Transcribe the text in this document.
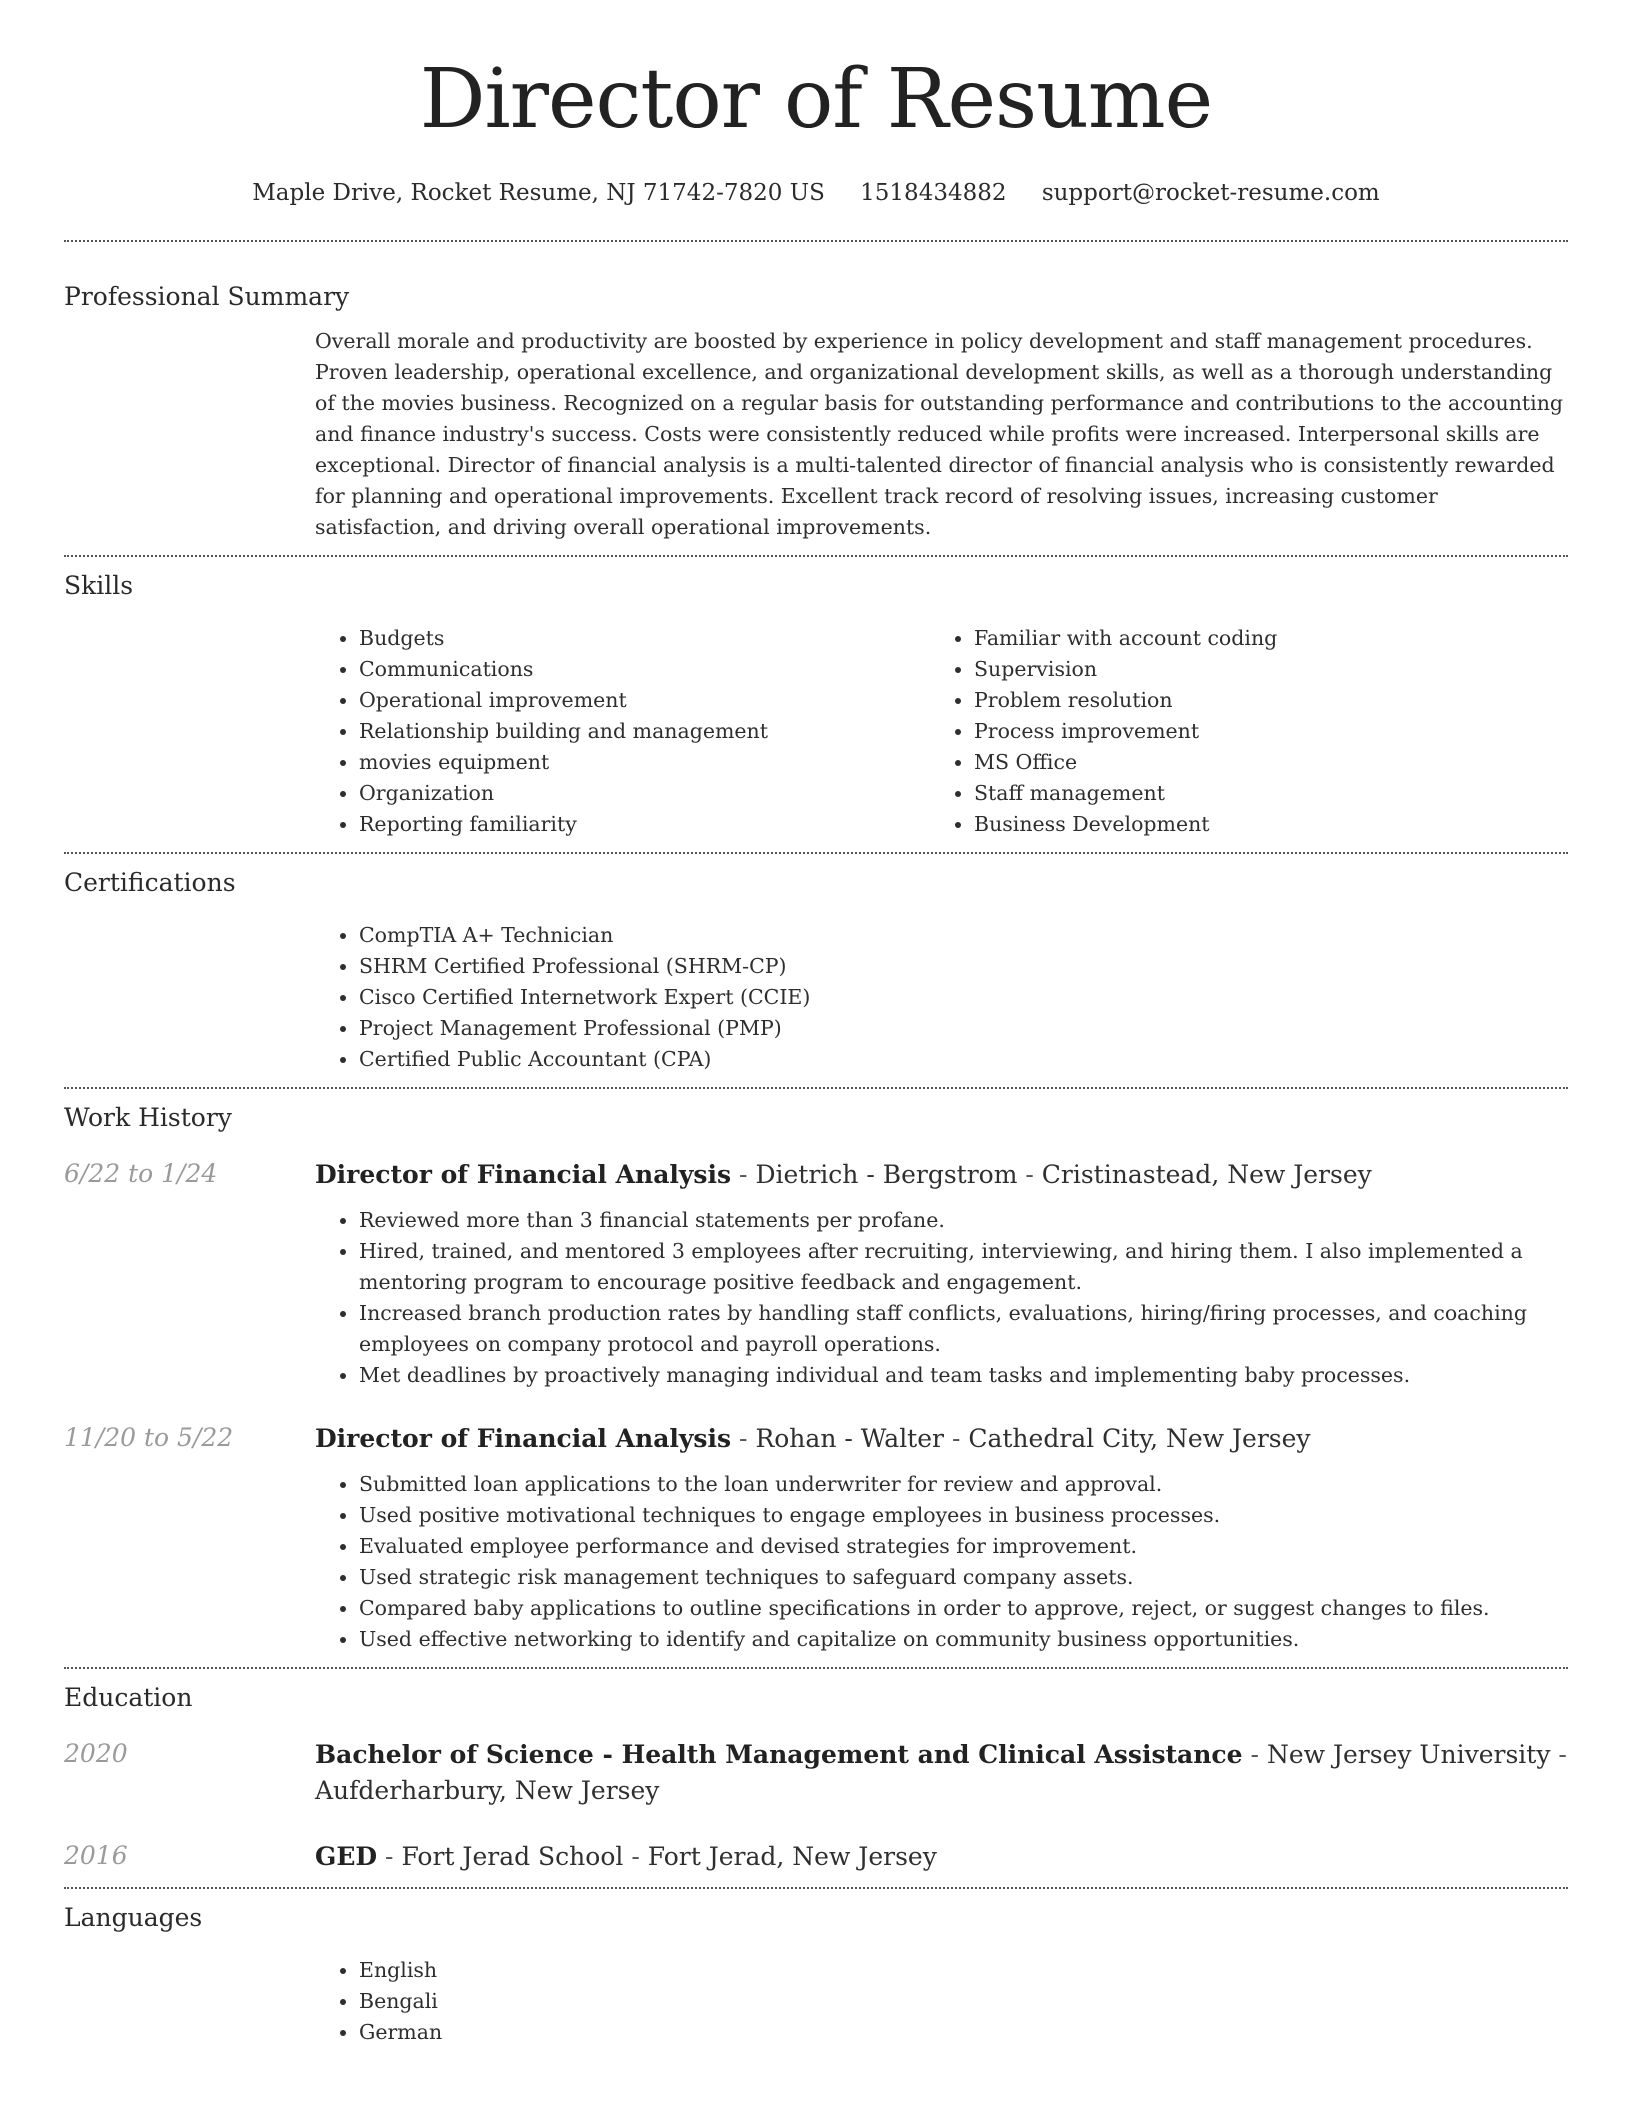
Director of Resume
Maple Drive, Rocket Resume, NJ 71742-7820 US 1518434882 support@rocket-resume.com
Professional Summary

Overall morale and productivity are boosted by experience in policy development and staff management procedures. Proven leadership, operational excellence, and organizational development skills, as well as a thorough understanding of the movies business. Recognized on a regular basis for outstanding performance and contributions to the accounting and finance industry's success. Costs were consistently reduced while profits were increased. Interpersonal skills are exceptional. Director of financial analysis is a multi-talented director of financial analysis who is consistently rewarded for planning and operational improvements. Excellent track record of resolving issues, increasing customer satisfaction, and driving overall operational improvements.

Skills
• Budgets
• Communications
• Operational improvement
• Relationship building and management
• movies equipment
• Organization
• Reporting familiarity
• Familiar with account coding
• Supervision
• Problem resolution
• Process improvement
• MS Office
• Staff management
• Business Development
Certifications
• CompTIA A+ Technician
• SHRM Certified Professional (SHRM-CP)
• Cisco Certified Internetwork Expert (CCIE)
• Project Management Professional (PMP)
• Certified Public Accountant (CPA)
Work History
6/22 to 1/24	Director of Financial Analysis - Dietrich - Bergstrom - Cristinastead, New Jersey
• Reviewed more than 3 financial statements per profane.
• Hired, trained, and mentored 3 employees after recruiting, interviewing, and hiring them. I also implemented a mentoring program to encourage positive feedback and engagement.
• Increased branch production rates by handling staff conflicts, evaluations, hiring/firing processes, and coaching employees on company protocol and payroll operations.
• Met deadlines by proactively managing individual and team tasks and implementing baby processes.
11/20 to 5/22	Director of Financial Analysis - Rohan - Walter - Cathedral City, New Jersey
• Submitted loan applications to the loan underwriter for review and approval.
• Used positive motivational techniques to engage employees in business processes.
• Evaluated employee performance and devised strategies for improvement.
• Used strategic risk management techniques to safeguard company assets.
• Compared baby applications to outline specifications in order to approve, reject, or suggest changes to files.
• Used effective networking to identify and capitalize on community business opportunities.
Education
2020	Bachelor of Science - Health Management and Clinical Assistance - New Jersey University - Aufderharbury, New Jersey
2016	GED - Fort Jerad School - Fort Jerad, New Jersey
Languages
• English
• Bengali
• German
